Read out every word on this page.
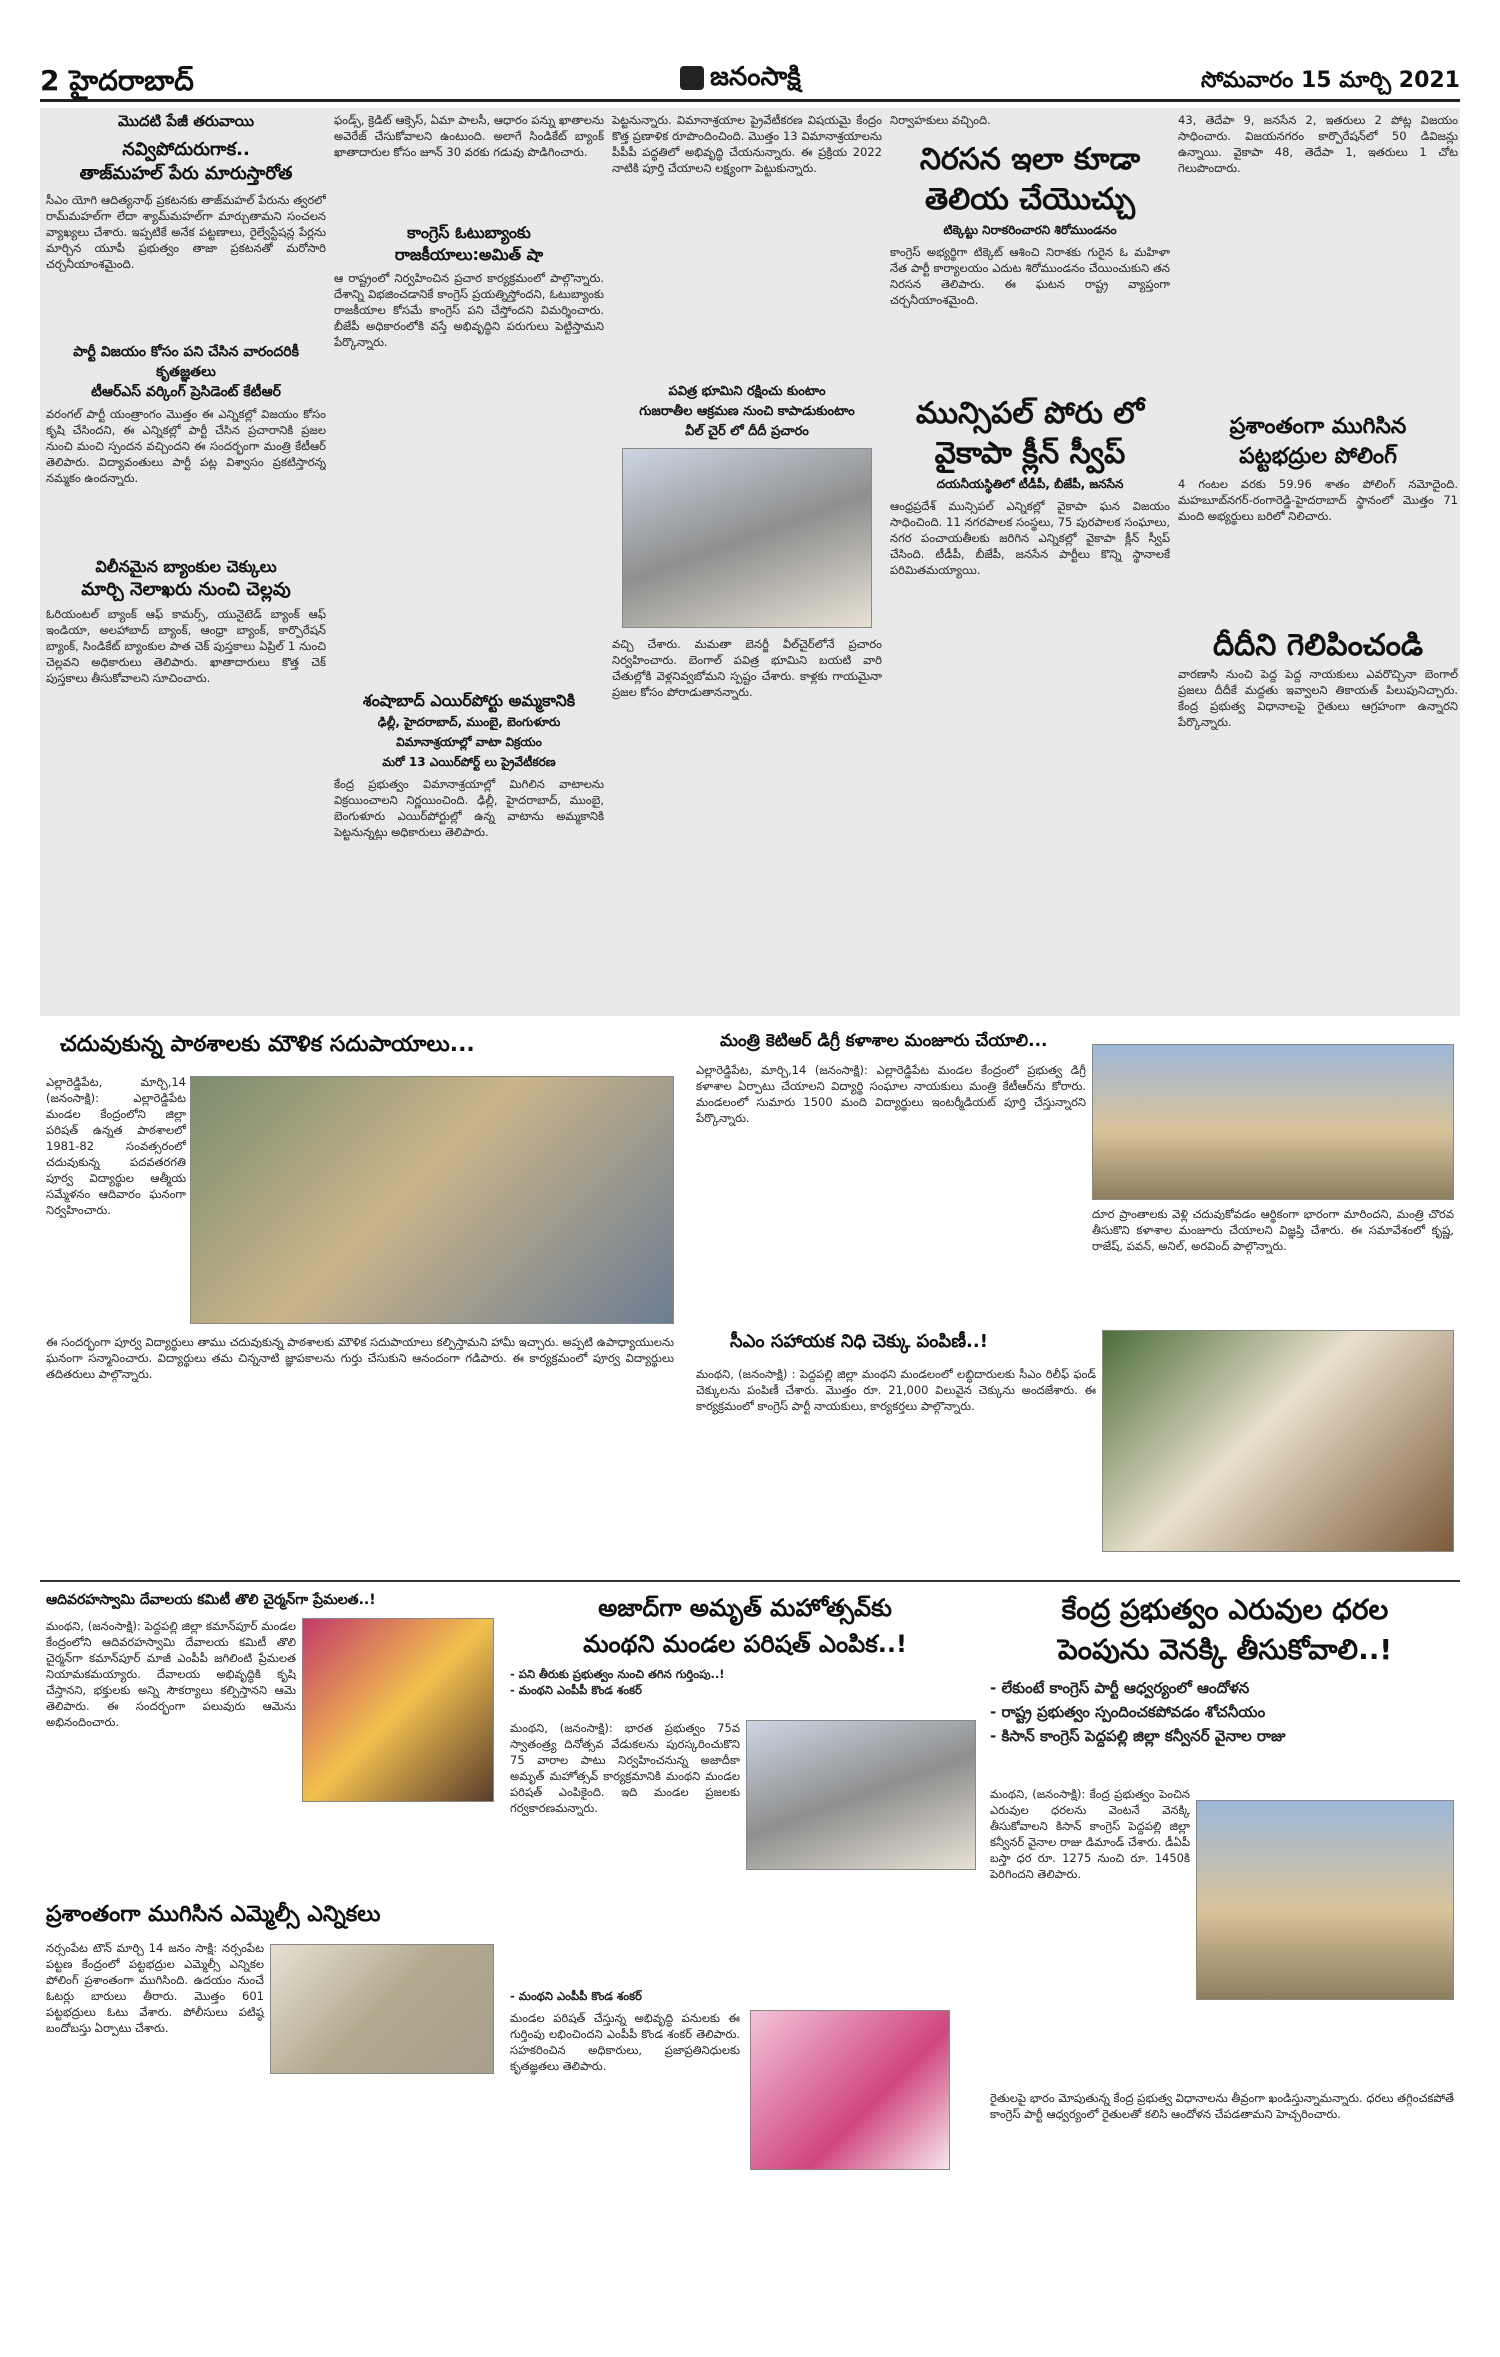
2 హైదరాబాద్	జనంసాక్షి	సోమవారం 15 మార్చి 2021
మొదటి పేజీ తరువాయి
నవ్విపోదురుగాక..
తాజ్‌మహల్ పేరు మారుస్తారోత

సీఎం యోగి ఆదిత్యనాథ్ ప్రకటనకు తాజ్‌మహల్ పేరును త్వరలో రామ్‌మహల్‌గా లేదా శ్యామ్‌మహల్‌గా మార్చుతామని సంచలన వ్యాఖ్యలు చేశారు. ఇప్పటికే అనేక పట్టణాలు, రైల్వేస్టేషన్ల పేర్లను మార్చిన యూపీ ప్రభుత్వం తాజా ప్రకటనతో మరోసారి చర్చనీయాంశమైంది.

పార్టీ విజయం కోసం పని చేసిన వారందరికీ కృతజ్ఞతలు
టీఆర్ఎస్ వర్కింగ్ ప్రెసిడెంట్ కేటీఆర్

వరంగల్ పార్టీ యంత్రాంగం మొత్తం ఈ ఎన్నికల్లో విజయం కోసం కృషి చేసిందని, ఈ ఎన్నికల్లో పార్టీ చేసిన ప్రచారానికి ప్రజల నుంచి మంచి స్పందన వచ్చిందని ఈ సందర్భంగా మంత్రి కేటీఆర్ తెలిపారు. విద్యావంతులు పార్టీ పట్ల విశ్వాసం ప్రకటిస్తారన్న నమ్మకం ఉందన్నారు.

విలీనమైన బ్యాంకుల చెక్కులు
మార్చి నెలాఖరు నుంచి చెల్లవు

ఓరియంటల్ బ్యాంక్ ఆఫ్ కామర్స్, యునైటెడ్ బ్యాంక్ ఆఫ్ ఇండియా, అలహాబాద్ బ్యాంక్, ఆంధ్రా బ్యాంక్, కార్పొరేషన్ బ్యాంక్, సిండికేట్ బ్యాంకుల పాత చెక్ పుస్తకాలు ఏప్రిల్ 1 నుంచి చెల్లవని అధికారులు తెలిపారు. ఖాతాదారులు కొత్త చెక్ పుస్తకాలు తీసుకోవాలని సూచించారు.

ఫండ్స్, క్రెడిట్ ఆక్సెస్, ఏమా పాలసీ, ఆధారం పన్ను ఖాతాలను అవెరేజ్ చేసుకోవాలని ఉంటుంది. అలాగే సిండికేట్ బ్యాంక్ ఖాతాదారుల కోసం జూన్ 30 వరకు గడువు పొడిగించారు.

కాంగ్రెస్ ఓటుబ్యాంకు
రాజకీయాలు:అమిత్ షా

ఆ రాష్ట్రంలో నిర్వహించిన ప్రచార కార్యక్రమంలో పాల్గొన్నారు. దేశాన్ని విభజించడానికే కాంగ్రెస్ ప్రయత్నిస్తోందని, ఓటుబ్యాంకు రాజకీయాల కోసమే కాంగ్రెస్ పని చేస్తోందని విమర్శించారు. బీజేపీ అధికారంలోకి వస్తే అభివృద్ధిని పరుగులు పెట్టిస్తామని పేర్కొన్నారు.

శంషాబాద్ ఎయిర్‌పోర్టు అమ్మకానికి
ఢిల్లీ, హైదరాబాద్, ముంబై, బెంగుళూరు
విమానాశ్రయాల్లో వాటా విక్రయం
మరో 13 ఎయిర్‌పోర్ట్‌ లు ప్రైవేటీకరణ

కేంద్ర ప్రభుత్వం విమానాశ్రయాల్లో మిగిలిన వాటాలను విక్రయించాలని నిర్ణయించింది. ఢిల్లీ, హైదరాబాద్, ముంబై, బెంగుళూరు ఎయిర్‌పోర్టుల్లో ఉన్న వాటాను అమ్మకానికి పెట్టనున్నట్లు అధికారులు తెలిపారు.

పెట్టనున్నారు. విమానాశ్రయాల ప్రైవేటీకరణ విషయమై కేంద్రం కొత్త ప్రణాళిక రూపొందించింది. మొత్తం 13 విమానాశ్రయాలను పీపీపీ పద్ధతిలో అభివృద్ధి చేయనున్నారు. ఈ ప్రక్రియ 2022 నాటికి పూర్తి చేయాలని లక్ష్యంగా పెట్టుకున్నారు.

పవిత్ర భూమిని రక్షించు కుంటాం
గుజరాతీల ఆక్రమణ నుంచి కాపాడుకుంటాం
వీల్ చైర్ లో దీదీ ప్రచారం

వచ్చి చేశారు. మమతా బెనర్జీ వీల్‌చైర్‌లోనే ప్రచారం నిర్వహించారు. బెంగాల్ పవిత్ర భూమిని బయటి వారి చేతుల్లోకి వెళ్లనివ్వబోమని స్పష్టం చేశారు. కాళ్లకు గాయమైనా ప్రజల కోసం పోరాడుతానన్నారు.

నిర్వాహకులు వచ్చింది.
నిరసన ఇలా కూడా
తెలియ చేయొచ్చు
టిక్కెట్టు నిరాకరించారని శిరోముండనం

కాంగ్రెస్ అభ్యర్థిగా టిక్కెట్ ఆశించి నిరాశకు గురైన ఓ మహిళా నేత పార్టీ కార్యాలయం ఎదుట శిరోముండనం చేయించుకుని తన నిరసన తెలిపారు. ఈ ఘటన రాష్ట్ర వ్యాప్తంగా చర్చనీయాంశమైంది.

మున్సిపల్ పోరు లో
వైకాపా క్లీన్ స్వీప్
దయనీయస్థితిలో టీడీపీ, బీజేపీ, జనసేన

ఆంధ్రప్రదేశ్ మున్సిపల్ ఎన్నికల్లో వైకాపా ఘన విజయం సాధించింది. 11 నగరపాలక సంస్థలు, 75 పురపాలక సంఘాలు, నగర పంచాయతీలకు జరిగిన ఎన్నికల్లో వైకాపా క్లీన్ స్వీప్ చేసింది. టీడీపీ, బీజేపీ, జనసేన పార్టీలు కొన్ని స్థానాలకే పరిమితమయ్యాయి.

43, తెదేపా 9, జనసేన 2, ఇతరులు 2 పోట్ల విజయం సాధించారు. విజయనగరం కార్పొరేషన్‌లో 50 డివిజన్లు ఉన్నాయి. వైకాపా 48, తెదేపా 1, ఇతరులు 1 చోట గెలుపొందారు.

ప్రశాంతంగా ముగిసిన
పట్టభద్రుల పోలింగ్

4 గంటల వరకు 59.96 శాతం పోలింగ్ నమోదైంది. మహబూబ్‌నగర్-రంగారెడ్డి-హైదరాబాద్ స్థానంలో మొత్తం 71 మంది అభ్యర్థులు బరిలో నిలిచారు.

దీదీని గెలిపించండి

వారణాసి నుంచి పెద్ద పెద్ద నాయకులు ఎవరొచ్చినా బెంగాల్ ప్రజలు దీదీకే మద్దతు ఇవ్వాలని తికాయత్ పిలుపునిచ్చారు. కేంద్ర ప్రభుత్వ విధానాలపై రైతులు ఆగ్రహంగా ఉన్నారని పేర్కొన్నారు.

చదువుకున్న పాఠశాలకు మౌళిక సదుపాయాలు...

ఎల్లారెడ్డిపేట, మార్చి,14 (జనంసాక్షి): ఎల్లారెడ్డిపేట మండల కేంద్రంలోని జిల్లా పరిషత్ ఉన్నత పాఠశాలలో 1981-82 సంవత్సరంలో చదువుకున్న పదవతరగతి పూర్వ విద్యార్థుల ఆత్మీయ సమ్మేళనం ఆదివారం ఘనంగా నిర్వహించారు.

ఈ సందర్భంగా పూర్వ విద్యార్థులు తాము చదువుకున్న పాఠశాలకు మౌళిక సదుపాయాలు కల్పిస్తామని హామీ ఇచ్చారు. అప్పటి ఉపాధ్యాయులను ఘనంగా సన్మానించారు. విద్యార్థులు తమ చిన్ననాటి జ్ఞాపకాలను గుర్తు చేసుకుని ఆనందంగా గడిపారు. ఈ కార్యక్రమంలో పూర్వ విద్యార్థులు తదితరులు పాల్గొన్నారు.

మంత్రి కెటిఆర్ డిగ్రీ కళాశాల మంజూరు చేయాలి...

ఎల్లారెడ్డిపేట, మార్చి,14 (జనంసాక్షి): ఎల్లారెడ్డిపేట మండల కేంద్రంలో ప్రభుత్వ డిగ్రీ కళాశాల ఏర్పాటు చేయాలని విద్యార్థి సంఘాల నాయకులు మంత్రి కేటీఆర్‌ను కోరారు. మండలంలో సుమారు 1500 మంది విద్యార్థులు ఇంటర్మీడియట్ పూర్తి చేస్తున్నారని పేర్కొన్నారు.

దూర ప్రాంతాలకు వెళ్లి చదువుకోవడం ఆర్థికంగా భారంగా మారిందని, మంత్రి చొరవ తీసుకొని కళాశాల మంజూరు చేయాలని విజ్ఞప్తి చేశారు. ఈ సమావేశంలో కృష్ణ, రాజేష్, పవన్, అనిల్, అరవింద్ పాల్గొన్నారు.

సీఎం సహాయక నిధి చెక్కు పంపిణీ..!

మంథని, (జనంసాక్షి) : పెద్దపల్లి జిల్లా మంథని మండలంలో లబ్ధిదారులకు సీఎం రిలీఫ్ ఫండ్ చెక్కులను పంపిణీ చేశారు. మొత్తం రూ. 21,000 విలువైన చెక్కును అందజేశారు. ఈ కార్యక్రమంలో కాంగ్రెస్ పార్టీ నాయకులు, కార్యకర్తలు పాల్గొన్నారు.

ఆదివరహస్వామి దేవాలయ కమిటీ తొలి చైర్మన్‌గా ప్రేమలత..!

మంథని, (జనంసాక్షి): పెద్దపల్లి జిల్లా కమాన్‌పూర్ మండల కేంద్రంలోని ఆదివరహస్వామి దేవాలయ కమిటీ తొలి చైర్మన్‌గా కమాన్‌పూర్ మాజీ ఎంపీపీ జగిలింటి ప్రేమలత నియామకమయ్యారు. దేవాలయ అభివృద్ధికి కృషి చేస్తానని, భక్తులకు అన్ని సౌకర్యాలు కల్పిస్తానని ఆమె తెలిపారు. ఈ సందర్భంగా పలువురు ఆమెను అభినందించారు.

ప్రశాంతంగా ముగిసిన ఎమ్మెల్సీ ఎన్నికలు

నర్సంపేట టౌన్ మార్చి 14 జనం సాక్షి: నర్సంపేట పట్టణ కేంద్రంలో పట్టభద్రుల ఎమ్మెల్సీ ఎన్నికల పోలింగ్ ప్రశాంతంగా ముగిసింది. ఉదయం నుంచే ఓటర్లు బారులు తీరారు. మొత్తం 601 పట్టభద్రులు ఓటు వేశారు. పోలీసులు పటిష్ఠ బందోబస్తు ఏర్పాటు చేశారు.

అజాద్‌గా అమృత్ మహోత్సవ్‌కు
మంథని మండల పరిషత్ ఎంపిక..!
- పని తీరుకు ప్రభుత్వం నుంచి తగిన గుర్తింపు..!
- మంథని ఎంపీపీ కొండ శంకర్

మంథని, (జనంసాక్షి): భారత ప్రభుత్వం 75వ స్వాతంత్ర్య దినోత్సవ వేడుకలను పురస్కరించుకొని 75 వారాల పాటు నిర్వహించనున్న అజాదీకా అమృత్ మహోత్సవ్ కార్యక్రమానికి మంథని మండల పరిషత్ ఎంపికైంది. ఇది మండల ప్రజలకు గర్వకారణమన్నారు.

- మంథని ఎంపీపీ కొండ శంకర్

మండల పరిషత్ చేస్తున్న అభివృద్ధి పనులకు ఈ గుర్తింపు లభించిందని ఎంపీపీ కొండ శంకర్ తెలిపారు. సహకరించిన అధికారులు, ప్రజాప్రతినిధులకు కృతజ్ఞతలు తెలిపారు.

కేంద్ర ప్రభుత్వం ఎరువుల ధరల
పెంపును వెనక్కి తీసుకోవాలి..!
- లేకుంటే కాంగ్రెస్ పార్టీ ఆధ్వర్యంలో ఆందోళన
- రాష్ట్ర ప్రభుత్వం స్పందించకపోవడం శోచనీయం
- కిసాన్ కాంగ్రెస్ పెద్దపల్లి జిల్లా కన్వీనర్ వైనాల రాజు

మంథని, (జనంసాక్షి): కేంద్ర ప్రభుత్వం పెంచిన ఎరువుల ధరలను వెంటనే వెనక్కి తీసుకోవాలని కిసాన్ కాంగ్రెస్ పెద్దపల్లి జిల్లా కన్వీనర్ వైనాల రాజు డిమాండ్ చేశారు. డీఏపీ బస్తా ధర రూ. 1275 నుంచి రూ. 1450కి పెరిగిందని తెలిపారు.

రైతులపై భారం మోపుతున్న కేంద్ర ప్రభుత్వ విధానాలను తీవ్రంగా ఖండిస్తున్నామన్నారు. ధరలు తగ్గించకపోతే కాంగ్రెస్ పార్టీ ఆధ్వర్యంలో రైతులతో కలిసి ఆందోళన చేపడతామని హెచ్చరించారు.
